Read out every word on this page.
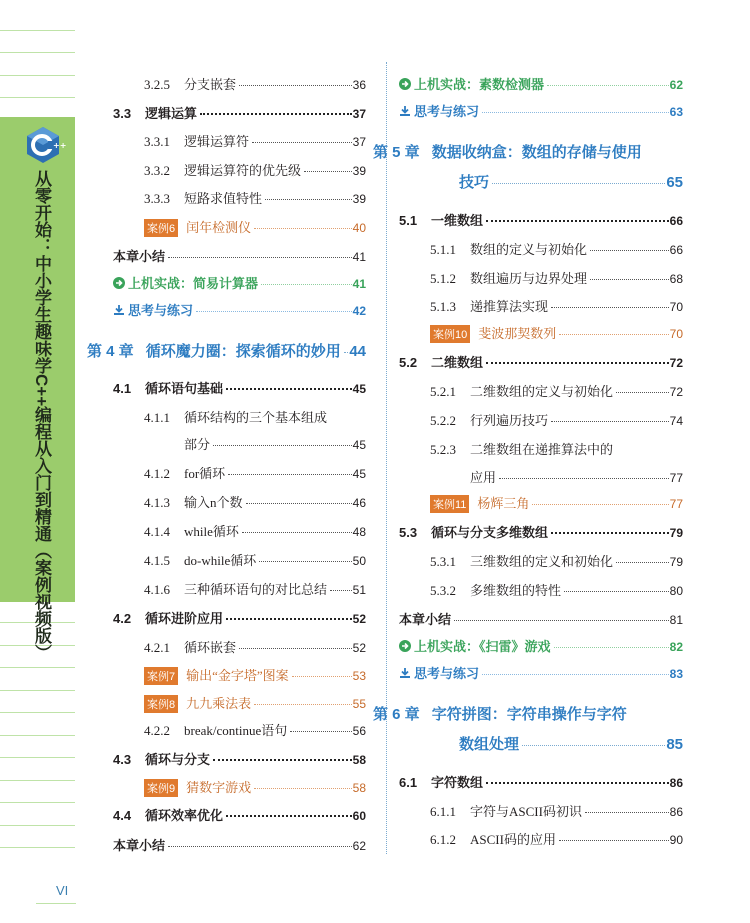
++
从零开始：中小学生趣味学C++编程从入门到精通（案例视频版）
VI
3.2.5	分支嵌套	36
3.3	逻辑运算	37
3.3.1	逻辑运算符	37
3.3.2	逻辑运算符的优先级	39
3.3.3	短路求值特性	39
案例6 闰年检测仪	40
本章小结	41
上机实战：简易计算器	41
思考与练习	42
第 4 章 循环魔力圈：探索循环的妙用 44
4.1	循环语句基础	45
4.1.1	循环结构的三个基本组成
部分	45
4.1.2	for循环	45
4.1.3	输入n个数	46
4.1.4	while循环	48
4.1.5	do-while循环	50
4.1.6	三种循环语句的对比总结 51
4.2	循环进阶应用	52
4.2.1	循环嵌套	52
案例7 输出“金字塔”图案	53
案例8 九九乘法表	55
4.2.2	break/continue语句	56
4.3	循环与分支	58
案例9 猜数字游戏	58
4.4	循环效率优化	60
本章小结	62
上机实战：素数检测器	62
思考与练习	63
第 5 章 数据收纳盒：数组的存储与使用
技巧	65
5.1	一维数组	66
5.1.1	数组的定义与初始化	66
5.1.2	数组遍历与边界处理	68
5.1.3	递推算法实现	70
案例10 斐波那契数列	70
5.2	二维数组	72
5.2.1	二维数组的定义与初始化	72
5.2.2	行列遍历技巧	74
5.2.3	二维数组在递推算法中的
应用	77
案例11 杨辉三角	77
5.3	循环与分支多维数组	79
5.3.1	三维数组的定义和初始化	79
5.3.2	多维数组的特性	80
本章小结	81
上机实战：《扫雷》游戏	82
思考与练习	83
第 6 章 字符拼图：字符串操作与字符
数组处理	85
6.1	字符数组	86
6.1.1	字符与ASCII码初识	86
6.1.2	ASCII码的应用	90
